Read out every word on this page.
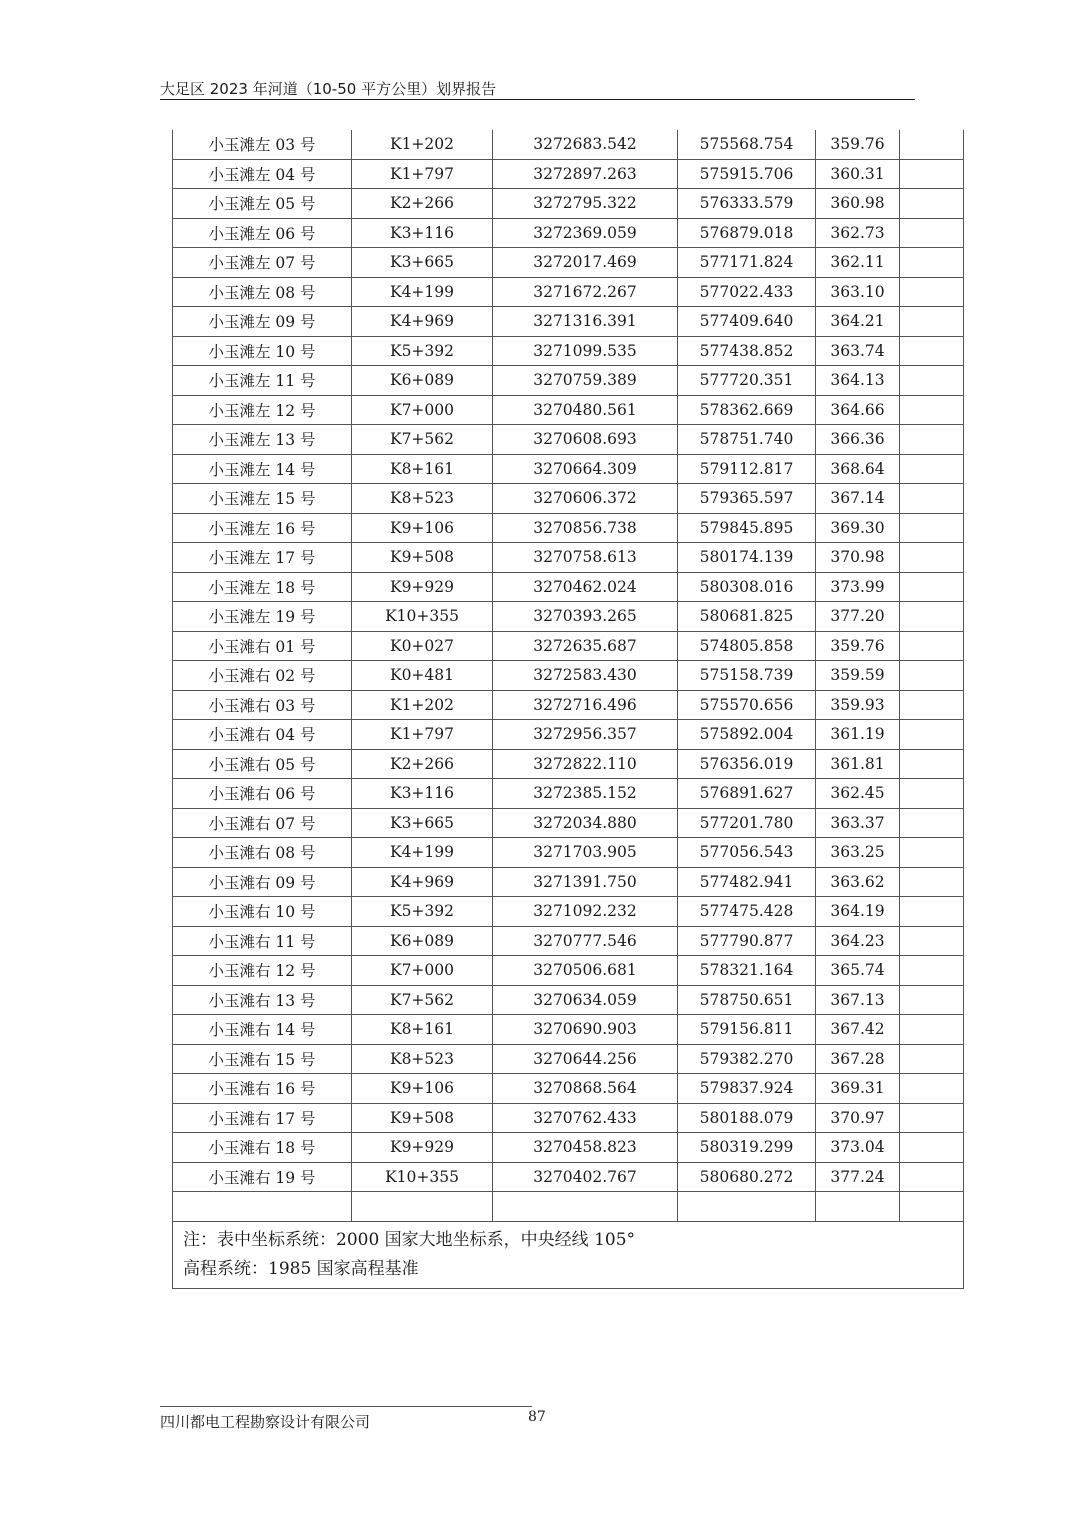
大足区 2023 年河道（10-50 平方公里）划界报告
小玉滩左 03 号	K1+202	3272683.542	575568.754	359.76	
小玉滩左 04 号	K1+797	3272897.263	575915.706	360.31	
小玉滩左 05 号	K2+266	3272795.322	576333.579	360.98	
小玉滩左 06 号	K3+116	3272369.059	576879.018	362.73	
小玉滩左 07 号	K3+665	3272017.469	577171.824	362.11	
小玉滩左 08 号	K4+199	3271672.267	577022.433	363.10	
小玉滩左 09 号	K4+969	3271316.391	577409.640	364.21	
小玉滩左 10 号	K5+392	3271099.535	577438.852	363.74	
小玉滩左 11 号	K6+089	3270759.389	577720.351	364.13	
小玉滩左 12 号	K7+000	3270480.561	578362.669	364.66	
小玉滩左 13 号	K7+562	3270608.693	578751.740	366.36	
小玉滩左 14 号	K8+161	3270664.309	579112.817	368.64	
小玉滩左 15 号	K8+523	3270606.372	579365.597	367.14	
小玉滩左 16 号	K9+106	3270856.738	579845.895	369.30	
小玉滩左 17 号	K9+508	3270758.613	580174.139	370.98	
小玉滩左 18 号	K9+929	3270462.024	580308.016	373.99	
小玉滩左 19 号	K10+355	3270393.265	580681.825	377.20	
小玉滩右 01 号	K0+027	3272635.687	574805.858	359.76	
小玉滩右 02 号	K0+481	3272583.430	575158.739	359.59	
小玉滩右 03 号	K1+202	3272716.496	575570.656	359.93	
小玉滩右 04 号	K1+797	3272956.357	575892.004	361.19	
小玉滩右 05 号	K2+266	3272822.110	576356.019	361.81	
小玉滩右 06 号	K3+116	3272385.152	576891.627	362.45	
小玉滩右 07 号	K3+665	3272034.880	577201.780	363.37	
小玉滩右 08 号	K4+199	3271703.905	577056.543	363.25	
小玉滩右 09 号	K4+969	3271391.750	577482.941	363.62	
小玉滩右 10 号	K5+392	3271092.232	577475.428	364.19	
小玉滩右 11 号	K6+089	3270777.546	577790.877	364.23	
小玉滩右 12 号	K7+000	3270506.681	578321.164	365.74	
小玉滩右 13 号	K7+562	3270634.059	578750.651	367.13	
小玉滩右 14 号	K8+161	3270690.903	579156.811	367.42	
小玉滩右 15 号	K8+523	3270644.256	579382.270	367.28	
小玉滩右 16 号	K9+106	3270868.564	579837.924	369.31	
小玉滩右 17 号	K9+508	3270762.433	580188.079	370.97	
小玉滩右 18 号	K9+929	3270458.823	580319.299	373.04	
小玉滩右 19 号	K10+355	3270402.767	580680.272	377.24	

注：表中坐标系统：2000 国家大地坐标系，中央经线 105°
高程系统：1985 国家高程基准					
四川都电工程勘察设计有限公司	87
